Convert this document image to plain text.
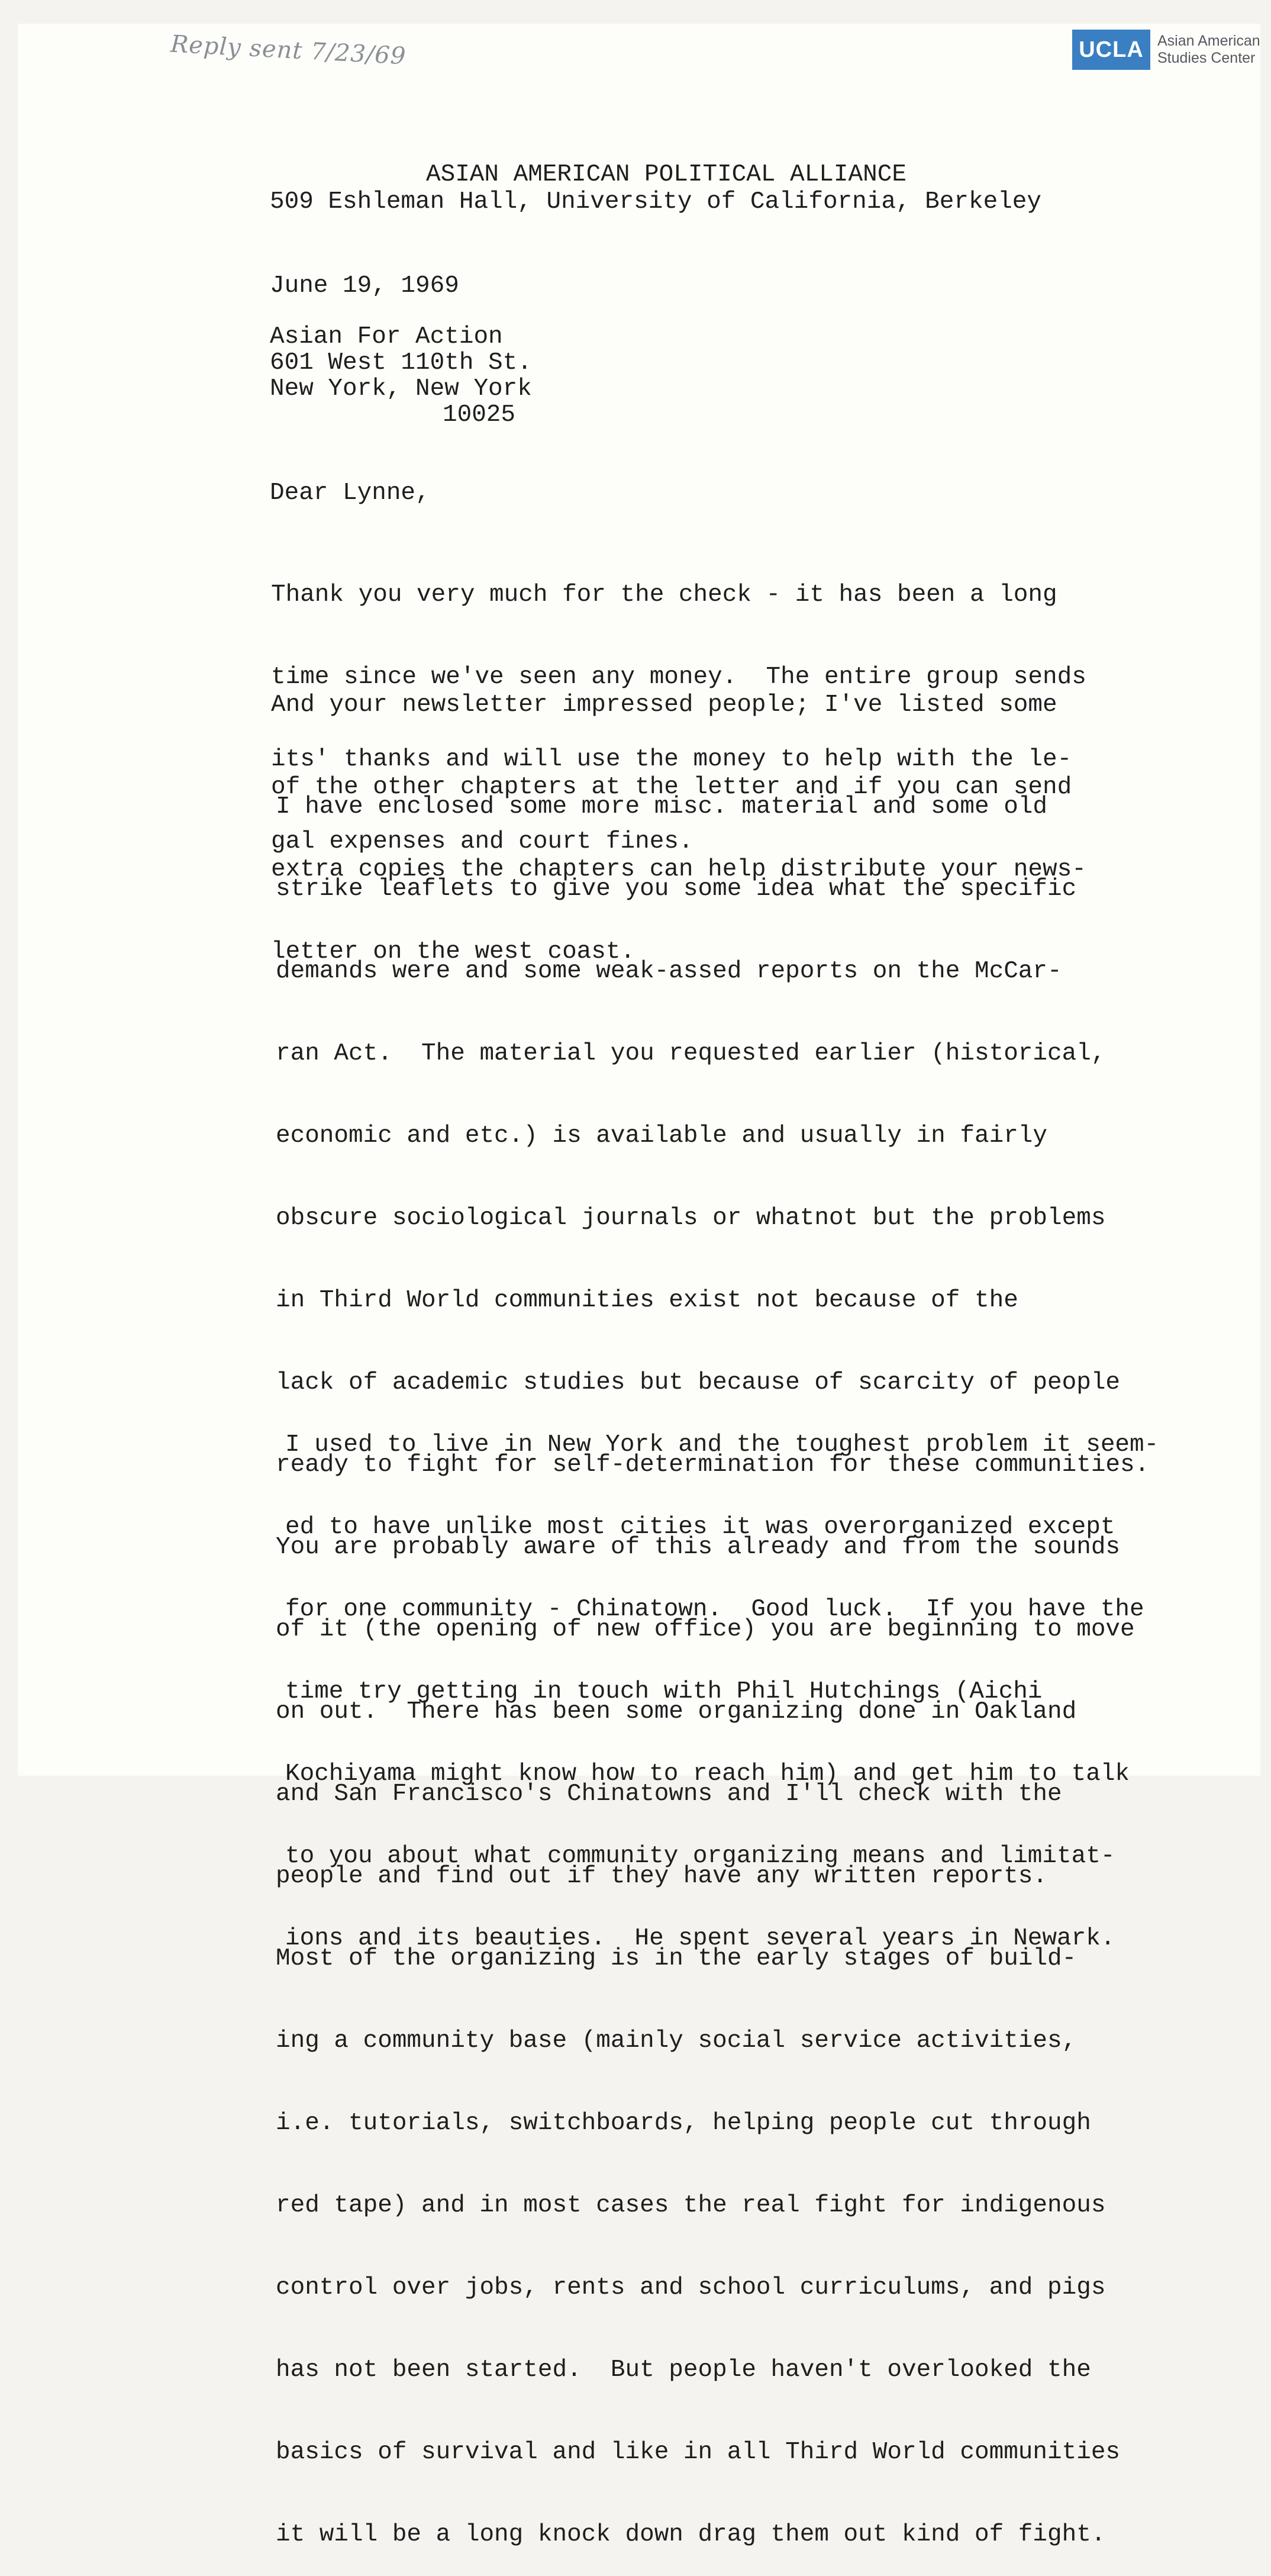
Reply sent 7/23/69	UCLA Asian American
Studies Center

ASIAN AMERICAN POLITICAL ALLIANCE

509 Eshleman Hall, University of California, Berkeley

June 19, 1969

Asian For Action

601 West 110th St.

New York, New York

10025

Dear Lynne,

Thank you very much for the check - it has been a long

time since we've seen any money.  The entire group sends

its' thanks and will use the money to help with the le-

gal expenses and court fines.

And your newsletter impressed people; I've listed some

of the other chapters at the letter and if you can send

extra copies the chapters can help distribute your news-

letter on the west coast.

I have enclosed some more misc. material and some old

strike leaflets to give you some idea what the specific

demands were and some weak-assed reports on the McCar-

ran Act.  The material you requested earlier (historical,

economic and etc.) is available and usually in fairly

obscure sociological journals or whatnot but the problems

in Third World communities exist not because of the

lack of academic studies but because of scarcity of people

ready to fight for self-determination for these communities.

You are probably aware of this already and from the sounds

of it (the opening of new office) you are beginning to move

on out.  There has been some organizing done in Oakland

and San Francisco's Chinatowns and I'll check with the

people and find out if they have any written reports.

Most of the organizing is in the early stages of build-

ing a community base (mainly social service activities,

i.e. tutorials, switchboards, helping people cut through

red tape) and in most cases the real fight for indigenous

control over jobs, rents and school curriculums, and pigs

has not been started.  But people haven't overlooked the

basics of survival and like in all Third World communities

it will be a long knock down drag them out kind of fight.

I used to live in New York and the toughest problem it seem-

ed to have unlike most cities it was overorganized except

for one community - Chinatown.  Good luck.  If you have the

time try getting in touch with Phil Hutchings (Aichi

Kochiyama might know how to reach him) and get him to talk

to you about what community organizing means and limitat-

ions and its beauties.  He spent several years in Newark.
